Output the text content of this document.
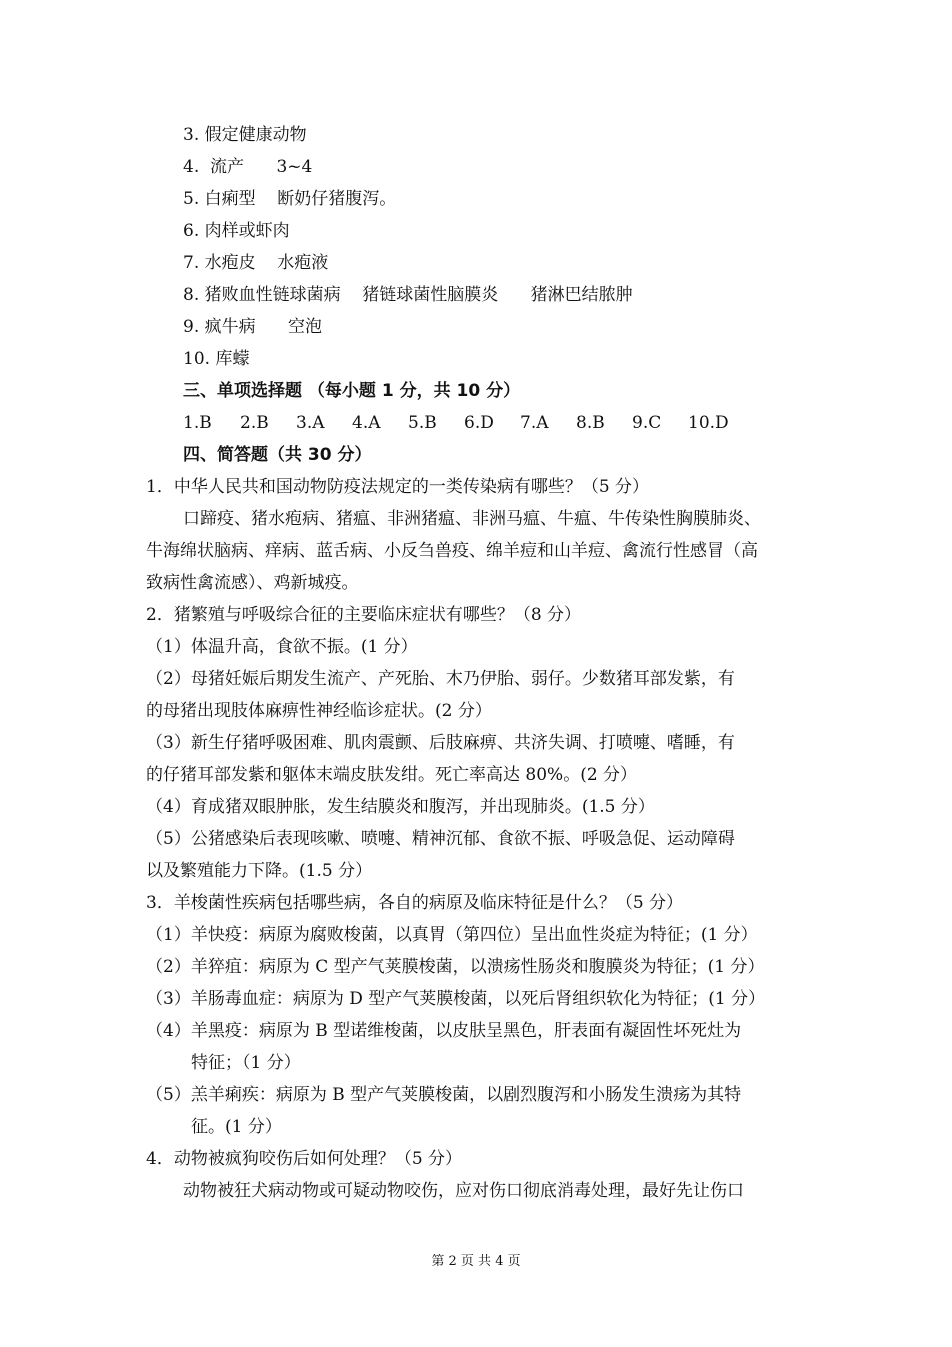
3. 假定健康动物
4.  流产      3~4
5. 白痢型    断奶仔猪腹泻。
6. 肉样或虾肉
7. 水疱皮    水疱液
8. 猪败血性链球菌病    猪链球菌性脑膜炎      猪淋巴结脓肿
9. 疯牛病      空泡
10. 库蠓
三、单项选择题 （每小题 1 分，共 10 分）
1.B 2.B 3.A 4.A 5.B 6.D 7.A 8.B 9.C 10.D
四、简答题（共 30 分）
1．中华人民共和国动物防疫法规定的一类传染病有哪些？（5 分）
口蹄疫、猪水疱病、猪瘟、非洲猪瘟、非洲马瘟、牛瘟、牛传染性胸膜肺炎、
牛海绵状脑病、痒病、蓝舌病、小反刍兽疫、绵羊痘和山羊痘、禽流行性感冒（高
致病性禽流感）、鸡新城疫。
2．猪繁殖与呼吸综合征的主要临床症状有哪些？（8 分）
（1）体温升高，食欲不振。(1 分）
（2）母猪妊娠后期发生流产、产死胎、木乃伊胎、弱仔。少数猪耳部发紫，有
的母猪出现肢体麻痹性神经临诊症状。(2 分）
（3）新生仔猪呼吸困难、肌肉震颤、后肢麻痹、共济失调、打喷嚏、嗜睡，有
的仔猪耳部发紫和躯体末端皮肤发绀。死亡率高达 80%。(2 分）
（4）育成猪双眼肿胀，发生结膜炎和腹泻，并出现肺炎。(1.5 分）
（5）公猪感染后表现咳嗽、喷嚏、精神沉郁、食欲不振、呼吸急促、运动障碍
以及繁殖能力下降。(1.5 分）
3．羊梭菌性疾病包括哪些病，各自的病原及临床特征是什么？（5 分）
（1）羊快疫：病原为腐败梭菌，以真胃（第四位）呈出血性炎症为特征；(1 分）
（2）羊猝疽：病原为 C 型产气荚膜梭菌，以溃疡性肠炎和腹膜炎为特征；(1 分）
（3）羊肠毒血症：病原为 D 型产气荚膜梭菌，以死后肾组织软化为特征；(1 分）
（4）羊黑疫：病原为 B 型诺维梭菌，以皮肤呈黑色，肝表面有凝固性坏死灶为
特征；（1 分）
（5）羔羊痢疾：病原为 B 型产气荚膜梭菌，以剧烈腹泻和小肠发生溃疡为其特
征。(1 分）
4．动物被疯狗咬伤后如何处理？（5 分）
动物被狂犬病动物或可疑动物咬伤，应对伤口彻底消毒处理，最好先让伤口
第 2 页 共 4 页
